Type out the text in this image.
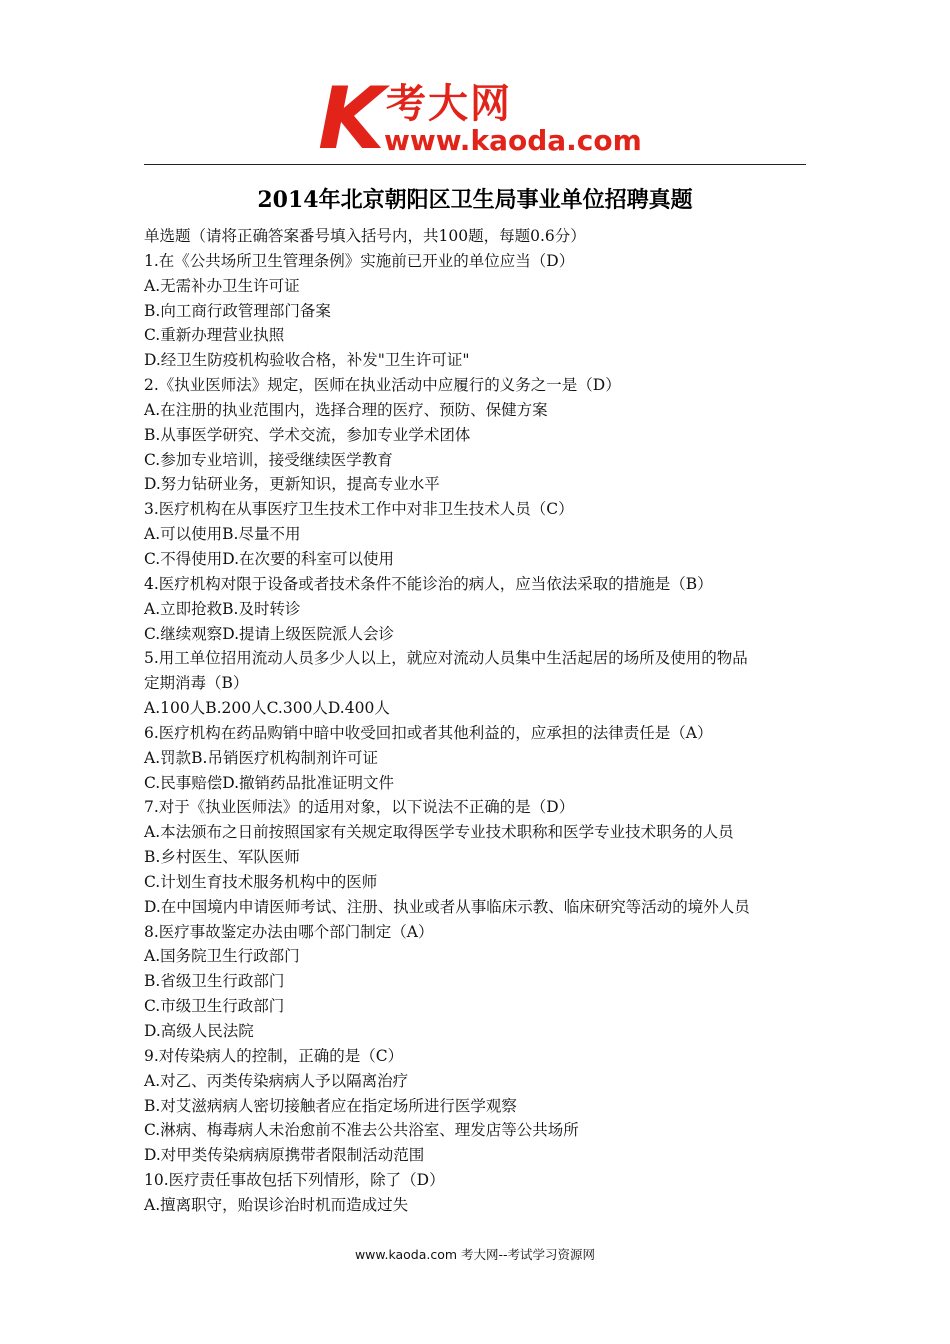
K 考大网
www.kaoda.com
2014年北京朝阳区卫生局事业单位招聘真题
单选题（请将正确答案番号填入括号内，共100题，每题0.6分）
1.在《公共场所卫生管理条例》实施前已开业的单位应当（D）
A.无需补办卫生许可证
B.向工商行政管理部门备案
C.重新办理营业执照
D.经卫生防疫机构验收合格，补发"卫生许可证"
2.《执业医师法》规定，医师在执业活动中应履行的义务之一是（D）
A.在注册的执业范围内，选择合理的医疗、预防、保健方案
B.从事医学研究、学术交流，参加专业学术团体
C.参加专业培训，接受继续医学教育
D.努力钻研业务，更新知识，提高专业水平
3.医疗机构在从事医疗卫生技术工作中对非卫生技术人员（C）
A.可以使用B.尽量不用
C.不得使用D.在次要的科室可以使用
4.医疗机构对限于设备或者技术条件不能诊治的病人，应当依法采取的措施是（B）
A.立即抢救B.及时转诊
C.继续观察D.提请上级医院派人会诊
5.用工单位招用流动人员多少人以上，就应对流动人员集中生活起居的场所及使用的物品
定期消毒（B）
A.100人B.200人C.300人D.400人
6.医疗机构在药品购销中暗中收受回扣或者其他利益的，应承担的法律责任是（A）
A.罚款B.吊销医疗机构制剂许可证
C.民事赔偿D.撤销药品批准证明文件
7.对于《执业医师法》的适用对象，以下说法不正确的是（D）
A.本法颁布之日前按照国家有关规定取得医学专业技术职称和医学专业技术职务的人员
B.乡村医生、军队医师
C.计划生育技术服务机构中的医师
D.在中国境内申请医师考试、注册、执业或者从事临床示教、临床研究等活动的境外人员
8.医疗事故鉴定办法由哪个部门制定（A）
A.国务院卫生行政部门
B.省级卫生行政部门
C.市级卫生行政部门
D.高级人民法院
9.对传染病人的控制，正确的是（C）
A.对乙、丙类传染病病人予以隔离治疗
B.对艾滋病病人密切接触者应在指定场所进行医学观察
C.淋病、梅毒病人未治愈前不准去公共浴室、理发店等公共场所
D.对甲类传染病病原携带者限制活动范围
10.医疗责任事故包括下列情形，除了（D）
A.擅离职守，贻误诊治时机而造成过失
www.kaoda.com 考大网--考试学习资源网
